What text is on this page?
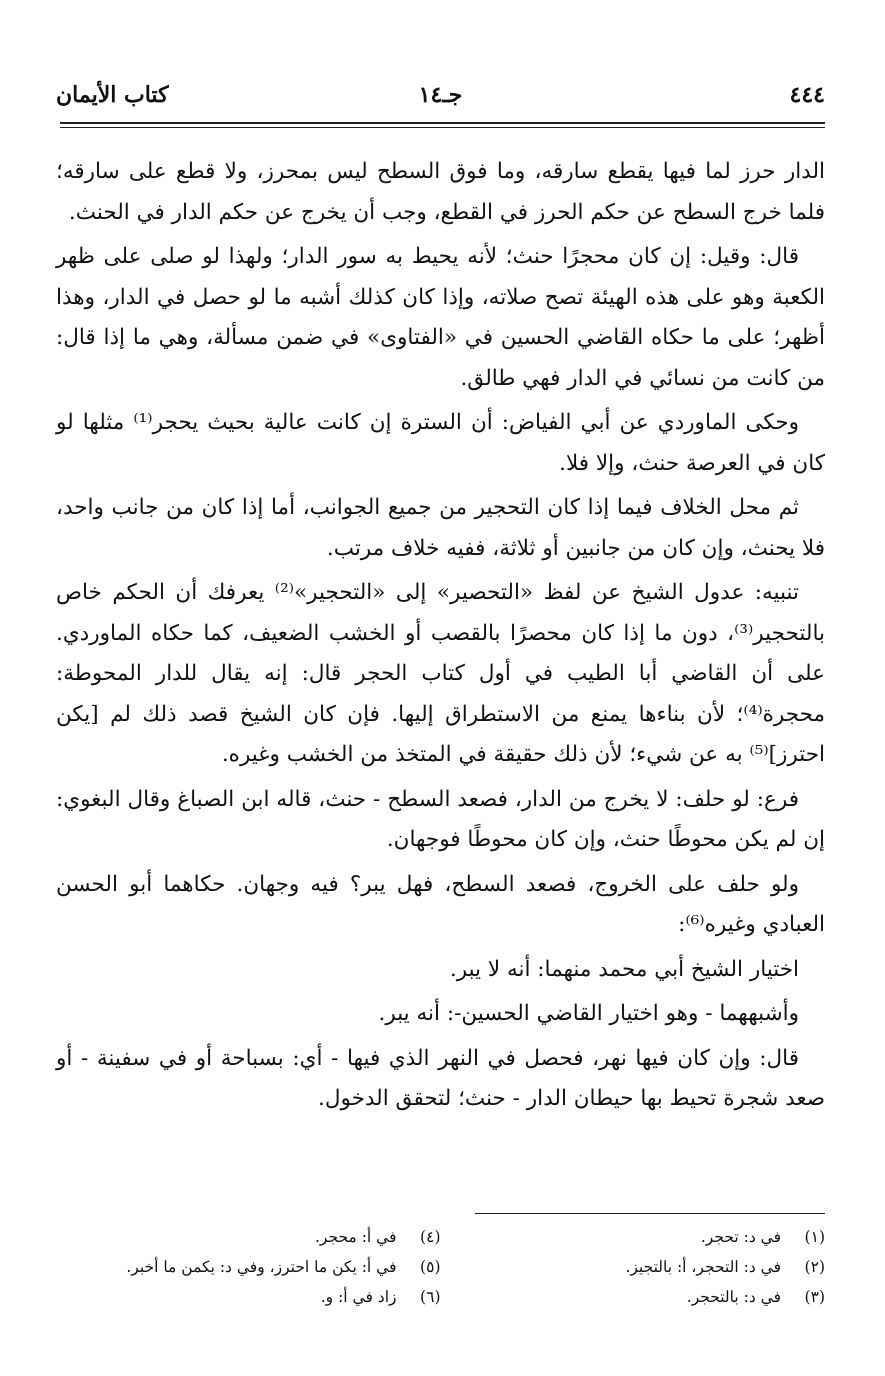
٤٤٤
جـ١٤
كتاب الأيمان

الدار حرز لما فيها يقطع سارقه، وما فوق السطح ليس بمحرز، ولا قطع على سارقه؛ فلما خرج السطح عن حكم الحرز في القطع، وجب أن يخرج عن حكم الدار في الحنث.

قال: وقيل: إن كان محجرًا حنث؛ لأنه يحيط به سور الدار؛ ولهذا لو صلى على ظهر الكعبة وهو على هذه الهيئة تصح صلاته، وإذا كان كذلك أشبه ما لو حصل في الدار، وهذا أظهر؛ على ما حكاه القاضي الحسين في «الفتاوى» في ضمن مسألة، وهي ما إذا قال: من كانت من نسائي في الدار فهي طالق.

وحكى الماوردي عن أبي الفياض: أن السترة إن كانت عالية بحيث يحجر⁽¹⁾ مثلها لو كان في العرصة حنث، وإلا فلا.

ثم محل الخلاف فيما إذا كان التحجير من جميع الجوانب، أما إذا كان من جانب واحد، فلا يحنث، وإن كان من جانبين أو ثلاثة، ففيه خلاف مرتب.

تنبيه: عدول الشيخ عن لفظ «التحصير» إلى «التحجير»⁽²⁾ يعرفك أن الحكم خاص بالتحجير⁽³⁾، دون ما إذا كان محصرًا بالقصب أو الخشب الضعيف، كما حكاه الماوردي. على أن القاضي أبا الطيب في أول كتاب الحجر قال: إنه يقال للدار المحوطة: محجرة⁽⁴⁾؛ لأن بناءها يمنع من الاستطراق إليها. فإن كان الشيخ قصد ذلك لم [يكن احترز]⁽⁵⁾ به عن شيء؛ لأن ذلك حقيقة في المتخذ من الخشب وغيره.

فرع: لو حلف: لا يخرج من الدار، فصعد السطح - حنث، قاله ابن الصباغ وقال البغوي: إن لم يكن محوطًا حنث، وإن كان محوطًا فوجهان.

ولو حلف على الخروج، فصعد السطح، فهل يبر؟ فيه وجهان. حكاهما أبو الحسن العبادي وغيره⁽⁶⁾:

اختيار الشيخ أبي محمد منهما: أنه لا يبر.

وأشبههما - وهو اختيار القاضي الحسين-: أنه يبر.

قال: وإن كان فيها نهر، فحصل في النهر الذي فيها - أي: بسباحة أو في سفينة - أو صعد شجرة تحيط بها حيطان الدار - حنث؛ لتحقق الدخول.

(١)في د: تحجر.
(٢)في د: التحجر، أ: بالتجيز.
(٣)في د: بالتحجر.
(٤)في أ: محجر.
(٥)في أ: يكن ما احترز، وفي د: يكمن ما أخبر.
(٦)زاد في أ: و.
